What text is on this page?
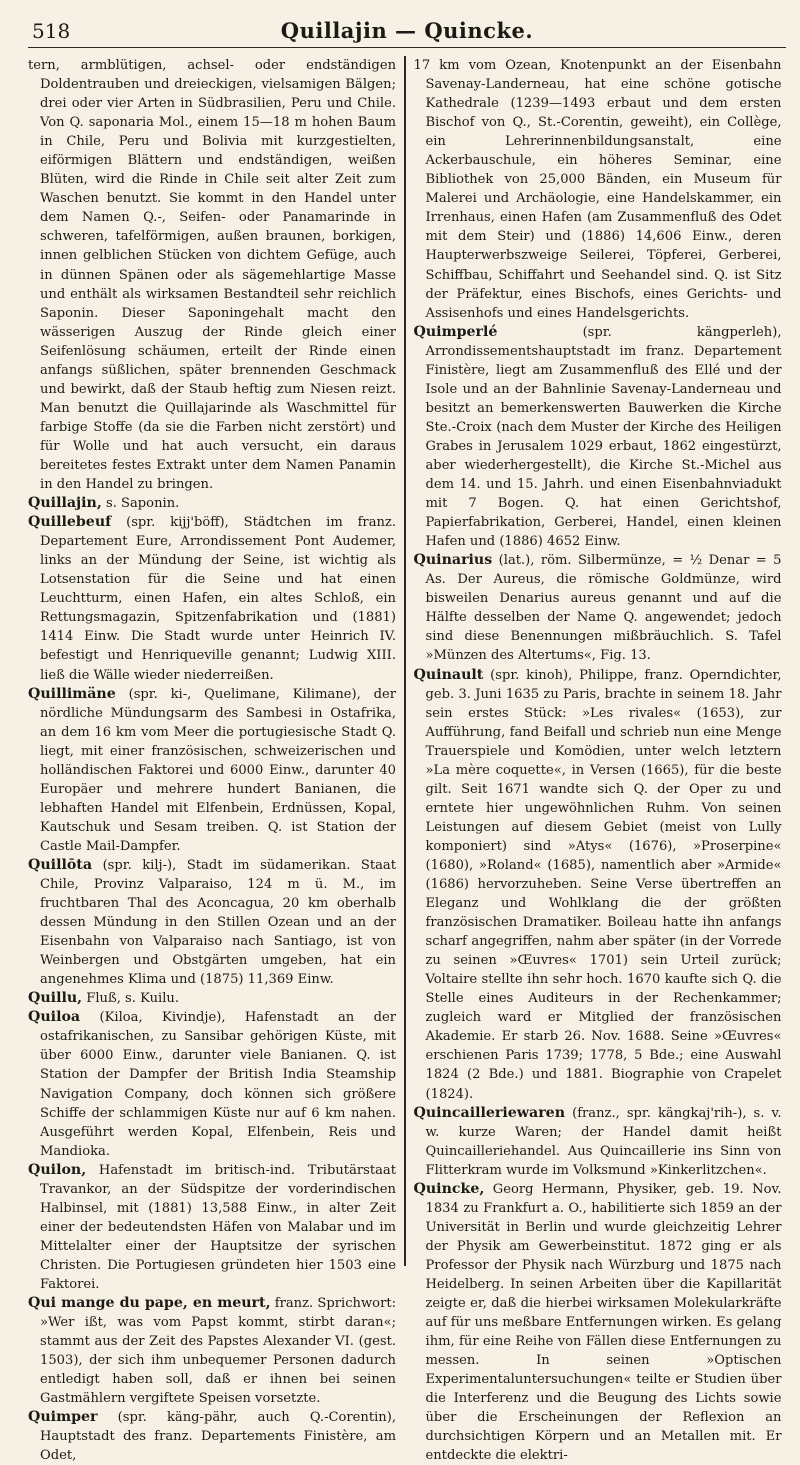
518	Quillajin — Quincke.

tern, armblütigen, achsel- oder endständigen Doldentrauben und dreieckigen, vielsamigen Bälgen; drei oder vier Arten in Südbrasilien, Peru und Chile. Von Q. saponaria Mol., einem 15—18 m hohen Baum in Chile, Peru und Bolivia mit kurzgestielten, eiförmigen Blättern und endständigen, weißen Blüten, wird die Rinde in Chile seit alter Zeit zum Waschen benutzt. Sie kommt in den Handel unter dem Namen Q.-, Seifen- oder Panamarinde in schweren, tafelförmigen, außen braunen, borkigen, innen gelblichen Stücken von dichtem Gefüge, auch in dünnen Spänen oder als sägemehlartige Masse und enthält als wirksamen Bestandteil sehr reichlich Saponin. Dieser Saponingehalt macht den wässerigen Auszug der Rinde gleich einer Seifenlösung schäumen, erteilt der Rinde einen anfangs süßlichen, später brennenden Geschmack und bewirkt, daß der Staub heftig zum Niesen reizt. Man benutzt die Quillajarinde als Waschmittel für farbige Stoffe (da sie die Farben nicht zerstört) und für Wolle und hat auch versucht, ein daraus bereitetes festes Extrakt unter dem Namen Panamin in den Handel zu bringen.

Quillajin, s. Saponin.

Quillebeuf (spr. kijj'böff), Städtchen im franz. Departement Eure, Arrondissement Pont Audemer, links an der Mündung der Seine, ist wichtig als Lotsenstation für die Seine und hat einen Leuchtturm, einen Hafen, ein altes Schloß, ein Rettungsmagazin, Spitzenfabrikation und (1881) 1414 Einw. Die Stadt wurde unter Heinrich IV. befestigt und Henriqueville genannt; Ludwig XIII. ließ die Wälle wieder niederreißen.

Quillimäne (spr. ki-, Quelimane, Kilimane), der nördliche Mündungsarm des Sambesi in Ostafrika, an dem 16 km vom Meer die portugiesische Stadt Q. liegt, mit einer französischen, schweizerischen und holländischen Faktorei und 6000 Einw., darunter 40 Europäer und mehrere hundert Banianen, die lebhaften Handel mit Elfenbein, Erdnüssen, Kopal, Kautschuk und Sesam treiben. Q. ist Station der Castle Mail-Dampfer.

Quillōta (spr. kilj-), Stadt im südamerikan. Staat Chile, Provinz Valparaiso, 124 m ü. M., im fruchtbaren Thal des Aconcagua, 20 km oberhalb dessen Mündung in den Stillen Ozean und an der Eisenbahn von Valparaiso nach Santiago, ist von Weinbergen und Obstgärten umgeben, hat ein angenehmes Klima und (1875) 11,369 Einw.

Quillu, Fluß, s. Kuilu.

Quiloa (Kiloa, Kivindje), Hafenstadt an der ostafrikanischen, zu Sansibar gehörigen Küste, mit über 6000 Einw., darunter viele Banianen. Q. ist Station der Dampfer der British India Steamship Navigation Company, doch können sich größere Schiffe der schlammigen Küste nur auf 6 km nahen. Ausgeführt werden Kopal, Elfenbein, Reis und Mandioka.

Quilon, Hafenstadt im britisch-ind. Tributärstaat Travankor, an der Südspitze der vorderindischen Halbinsel, mit (1881) 13,588 Einw., in alter Zeit einer der bedeutendsten Häfen von Malabar und im Mittelalter einer der Hauptsitze der syrischen Christen. Die Portugiesen gründeten hier 1503 eine Faktorei.

Qui mange du pape, en meurt, franz. Sprichwort: »Wer ißt, was vom Papst kommt, stirbt daran«; stammt aus der Zeit des Papstes Alexander VI. (gest. 1503), der sich ihm unbequemer Personen dadurch entledigt haben soll, daß er ihnen bei seinen Gastmählern vergiftete Speisen vorsetzte.

Quimper (spr. käng-pähr, auch Q.-Corentin), Hauptstadt des franz. Departements Finistère, am Odet,

17 km vom Ozean, Knotenpunkt an der Eisenbahn Savenay-Landerneau, hat eine schöne gotische Kathedrale (1239—1493 erbaut und dem ersten Bischof von Q., St.-Corentin, geweiht), ein Collège, ein Lehrerinnenbildungsanstalt, eine Ackerbauschule, ein höheres Seminar, eine Bibliothek von 25,000 Bänden, ein Museum für Malerei und Archäologie, eine Handelskammer, ein Irrenhaus, einen Hafen (am Zusammenfluß des Odet mit dem Steir) und (1886) 14,606 Einw., deren Haupterwerbszweige Seilerei, Töpferei, Gerberei, Schiffbau, Schiffahrt und Seehandel sind. Q. ist Sitz der Präfektur, eines Bischofs, eines Gerichts- und Assisenhofs und eines Handelsgerichts.

Quimperlé	(spr. kängperleh), Arrondissementshauptstadt im franz. Departement Finistère, liegt am Zusammenfluß des Ellé und der Isole und an der Bahnlinie Savenay-Landerneau und besitzt an bemerkenswerten Bauwerken die Kirche Ste.-Croix (nach dem Muster der Kirche des Heiligen Grabes in Jerusalem 1029 erbaut, 1862 eingestürzt, aber wiederhergestellt), die Kirche St.-Michel aus dem 14. und 15. Jahrh. und einen Eisenbahnviadukt mit 7 Bogen. Q. hat einen Gerichtshof, Papierfabrikation, Gerberei, Handel, einen kleinen Hafen und (1886) 4652 Einw.

Quinarius (lat.), röm. Silbermünze, = ½ Denar = 5 As. Der Aureus, die römische Goldmünze, wird bisweilen Denarius aureus genannt und auf die Hälfte desselben der Name Q. angewendet; jedoch sind diese Benennungen mißbräuchlich. S. Tafel »Münzen des Altertums«, Fig. 13.

Quinault (spr. kinoh), Philippe, franz. Operndichter, geb. 3. Juni 1635 zu Paris, brachte in seinem 18. Jahr sein erstes Stück: »Les rivales« (1653), zur Aufführung, fand Beifall und schrieb nun eine Menge Trauerspiele und Komödien, unter welch letztern »La mère coquette«, in Versen (1665), für die beste gilt. Seit 1671 wandte sich Q. der Oper zu und erntete hier ungewöhnlichen Ruhm. Von seinen Leistungen auf diesem Gebiet (meist von Lully komponiert) sind »Atys« (1676), »Proserpine« (1680), »Roland« (1685), namentlich aber »Armide« (1686) hervorzuheben. Seine Verse übertreffen an Eleganz und Wohlklang die der größten französischen Dramatiker. Boileau hatte ihn anfangs scharf angegriffen, nahm aber später (in der Vorrede zu seinen »Œuvres« 1701) sein Urteil zurück; Voltaire stellte ihn sehr hoch. 1670 kaufte sich Q. die Stelle eines Auditeurs in der Rechenkammer; zugleich ward er Mitglied der französischen Akademie. Er starb 26. Nov. 1688. Seine »Œuvres« erschienen Paris 1739; 1778, 5 Bde.; eine Auswahl 1824 (2 Bde.) und 1881. Biographie von Crapelet (1824).

Quincailleriewaren (franz., spr. kängkaj'rih-), s. v. w. kurze Waren; der Handel damit heißt Quincailleriehandel. Aus Quincaillerie ins Sinn von Flitterkram wurde im Volksmund »Kinkerlitzchen«.

Quincke, Georg Hermann, Physiker, geb. 19. Nov. 1834 zu Frankfurt a. O., habilitierte sich 1859 an der Universität in Berlin und wurde gleichzeitig Lehrer der Physik am Gewerbeinstitut. 1872 ging er als Professor der Physik nach Würzburg und 1875 nach Heidelberg. In seinen Arbeiten über die Kapillarität zeigte er, daß die hierbei wirksamen Molekularkräfte auf für uns meßbare Entfernungen wirken. Es gelang ihm, für eine Reihe von Fällen diese Entfernungen zu messen. In seinen »Optischen Experimentaluntersuchungen« teilte er Studien über die Interferenz und die Beugung des Lichts sowie über die Erscheinungen der Reflexion an durchsichtigen Körpern und an Metallen mit. Er entdeckte die elektri-
